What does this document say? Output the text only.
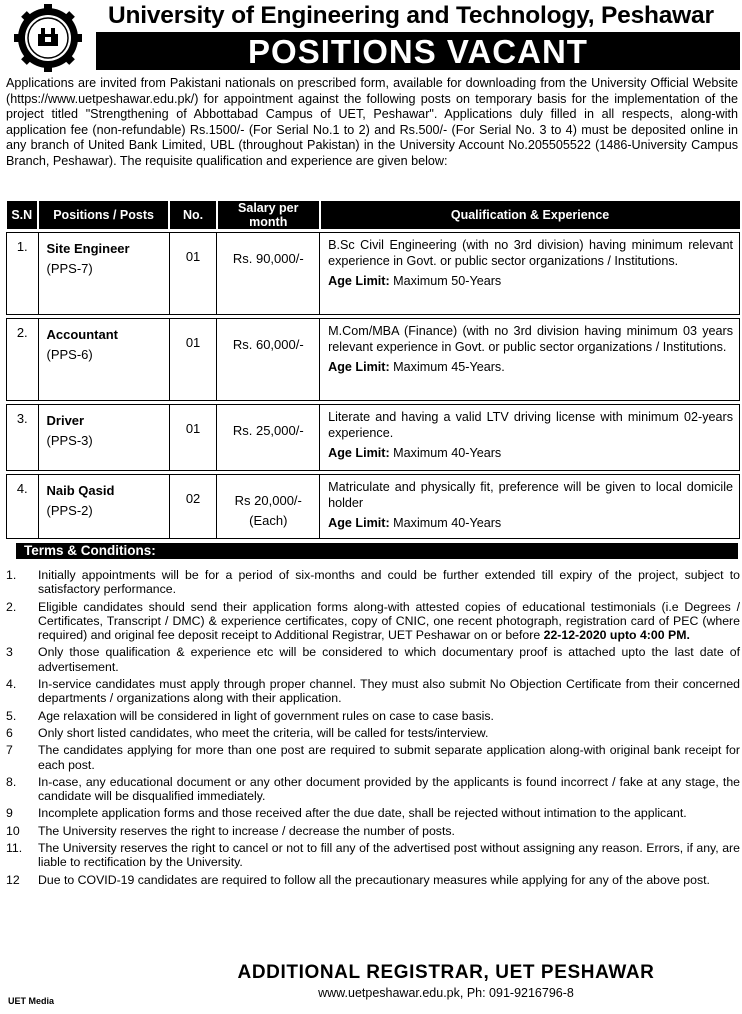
University of Engineering and Technology, Peshawar
POSITIONS VACANT
Applications are invited from Pakistani nationals on prescribed form, available for downloading from the University Official Website (https://www.uetpeshawar.edu.pk/) for appointment against the following posts on temporary basis for the implementation of the project titled "Strengthening of Abbottabad Campus of UET, Peshawar". Applications duly filled in all respects, along-with application fee (non-refundable) Rs.1500/- (For Serial No.1 to 2) and Rs.500/- (For Serial No. 3 to 4) must be deposited online in any branch of United Bank Limited, UBL (throughout Pakistan) in the University Account No.205505522 (1486-University Campus Branch, Peshawar). The requisite qualification and experience are given below:
S.N	Positions / Posts	No.	Salary per month	Qualification & Experience

1.	Site Engineer
(PPS-7)	01	Rs. 90,000/-	B.Sc Civil Engineering (with no 3rd division) having minimum relevant experience in Govt. or public sector organizations / Institutions.
Age Limit: Maximum 50-Years

2.	Accountant
(PPS-6)	01	Rs. 60,000/-	M.Com/MBA (Finance) (with no 3rd division having minimum 03 years relevant experience in Govt. or public sector organizations / Institutions.
Age Limit: Maximum 45-Years.

3.	Driver
(PPS-3)	01	Rs. 25,000/-	Literate and having a valid LTV driving license with minimum 02-years experience.
Age Limit: Maximum 40-Years

4.	Naib Qasid
(PPS-2)	02	Rs 20,000/-
(Each)	Matriculate and physically fit, preference will be given to local domicile holder
Age Limit: Maximum 40-Years
Terms & Conditions:
1.	Initially appointments will be for a period of six-months and could be further extended till expiry of the project, subject to satisfactory performance.
2.	Eligible candidates should send their application forms along-with attested copies of educational testimonials (i.e Degrees / Certificates, Transcript / DMC) & experience certificates, copy of CNIC, one recent photograph, registration card of PEC (where required) and original fee deposit receipt to Additional Registrar, UET Peshawar on or before 22-12-2020 upto 4:00 PM.
3	Only those qualification & experience etc will be considered to which documentary proof is attached upto the last date of advertisement.
4.	In-service candidates must apply through proper channel. They must also submit No Objection Certificate from their concerned departments / organizations along with their application.
5.	Age relaxation will be considered in light of government rules on case to case basis.
6	Only short listed candidates, who meet the criteria, will be called for tests/interview.
7	The candidates applying for more than one post are required to submit separate application along-with original bank receipt for each post.
8.	In-case, any educational document or any other document provided by the applicants is found incorrect / fake at any stage, the candidate will be disqualified immediately.
9	Incomplete application forms and those received after the due date, shall be rejected without intimation to the applicant.
10	The University reserves the right to increase / decrease the number of posts.
11.	The University reserves the right to cancel or not to fill any of the advertised post without assigning any reason. Errors, if any, are liable to rectification by the University.
12	Due to COVID-19 candidates are required to follow all the precautionary measures while applying for any of the above post.
ADDITIONAL REGISTRAR, UET PESHAWAR
www.uetpeshawar.edu.pk, Ph: 091-9216796-8
UET Media
